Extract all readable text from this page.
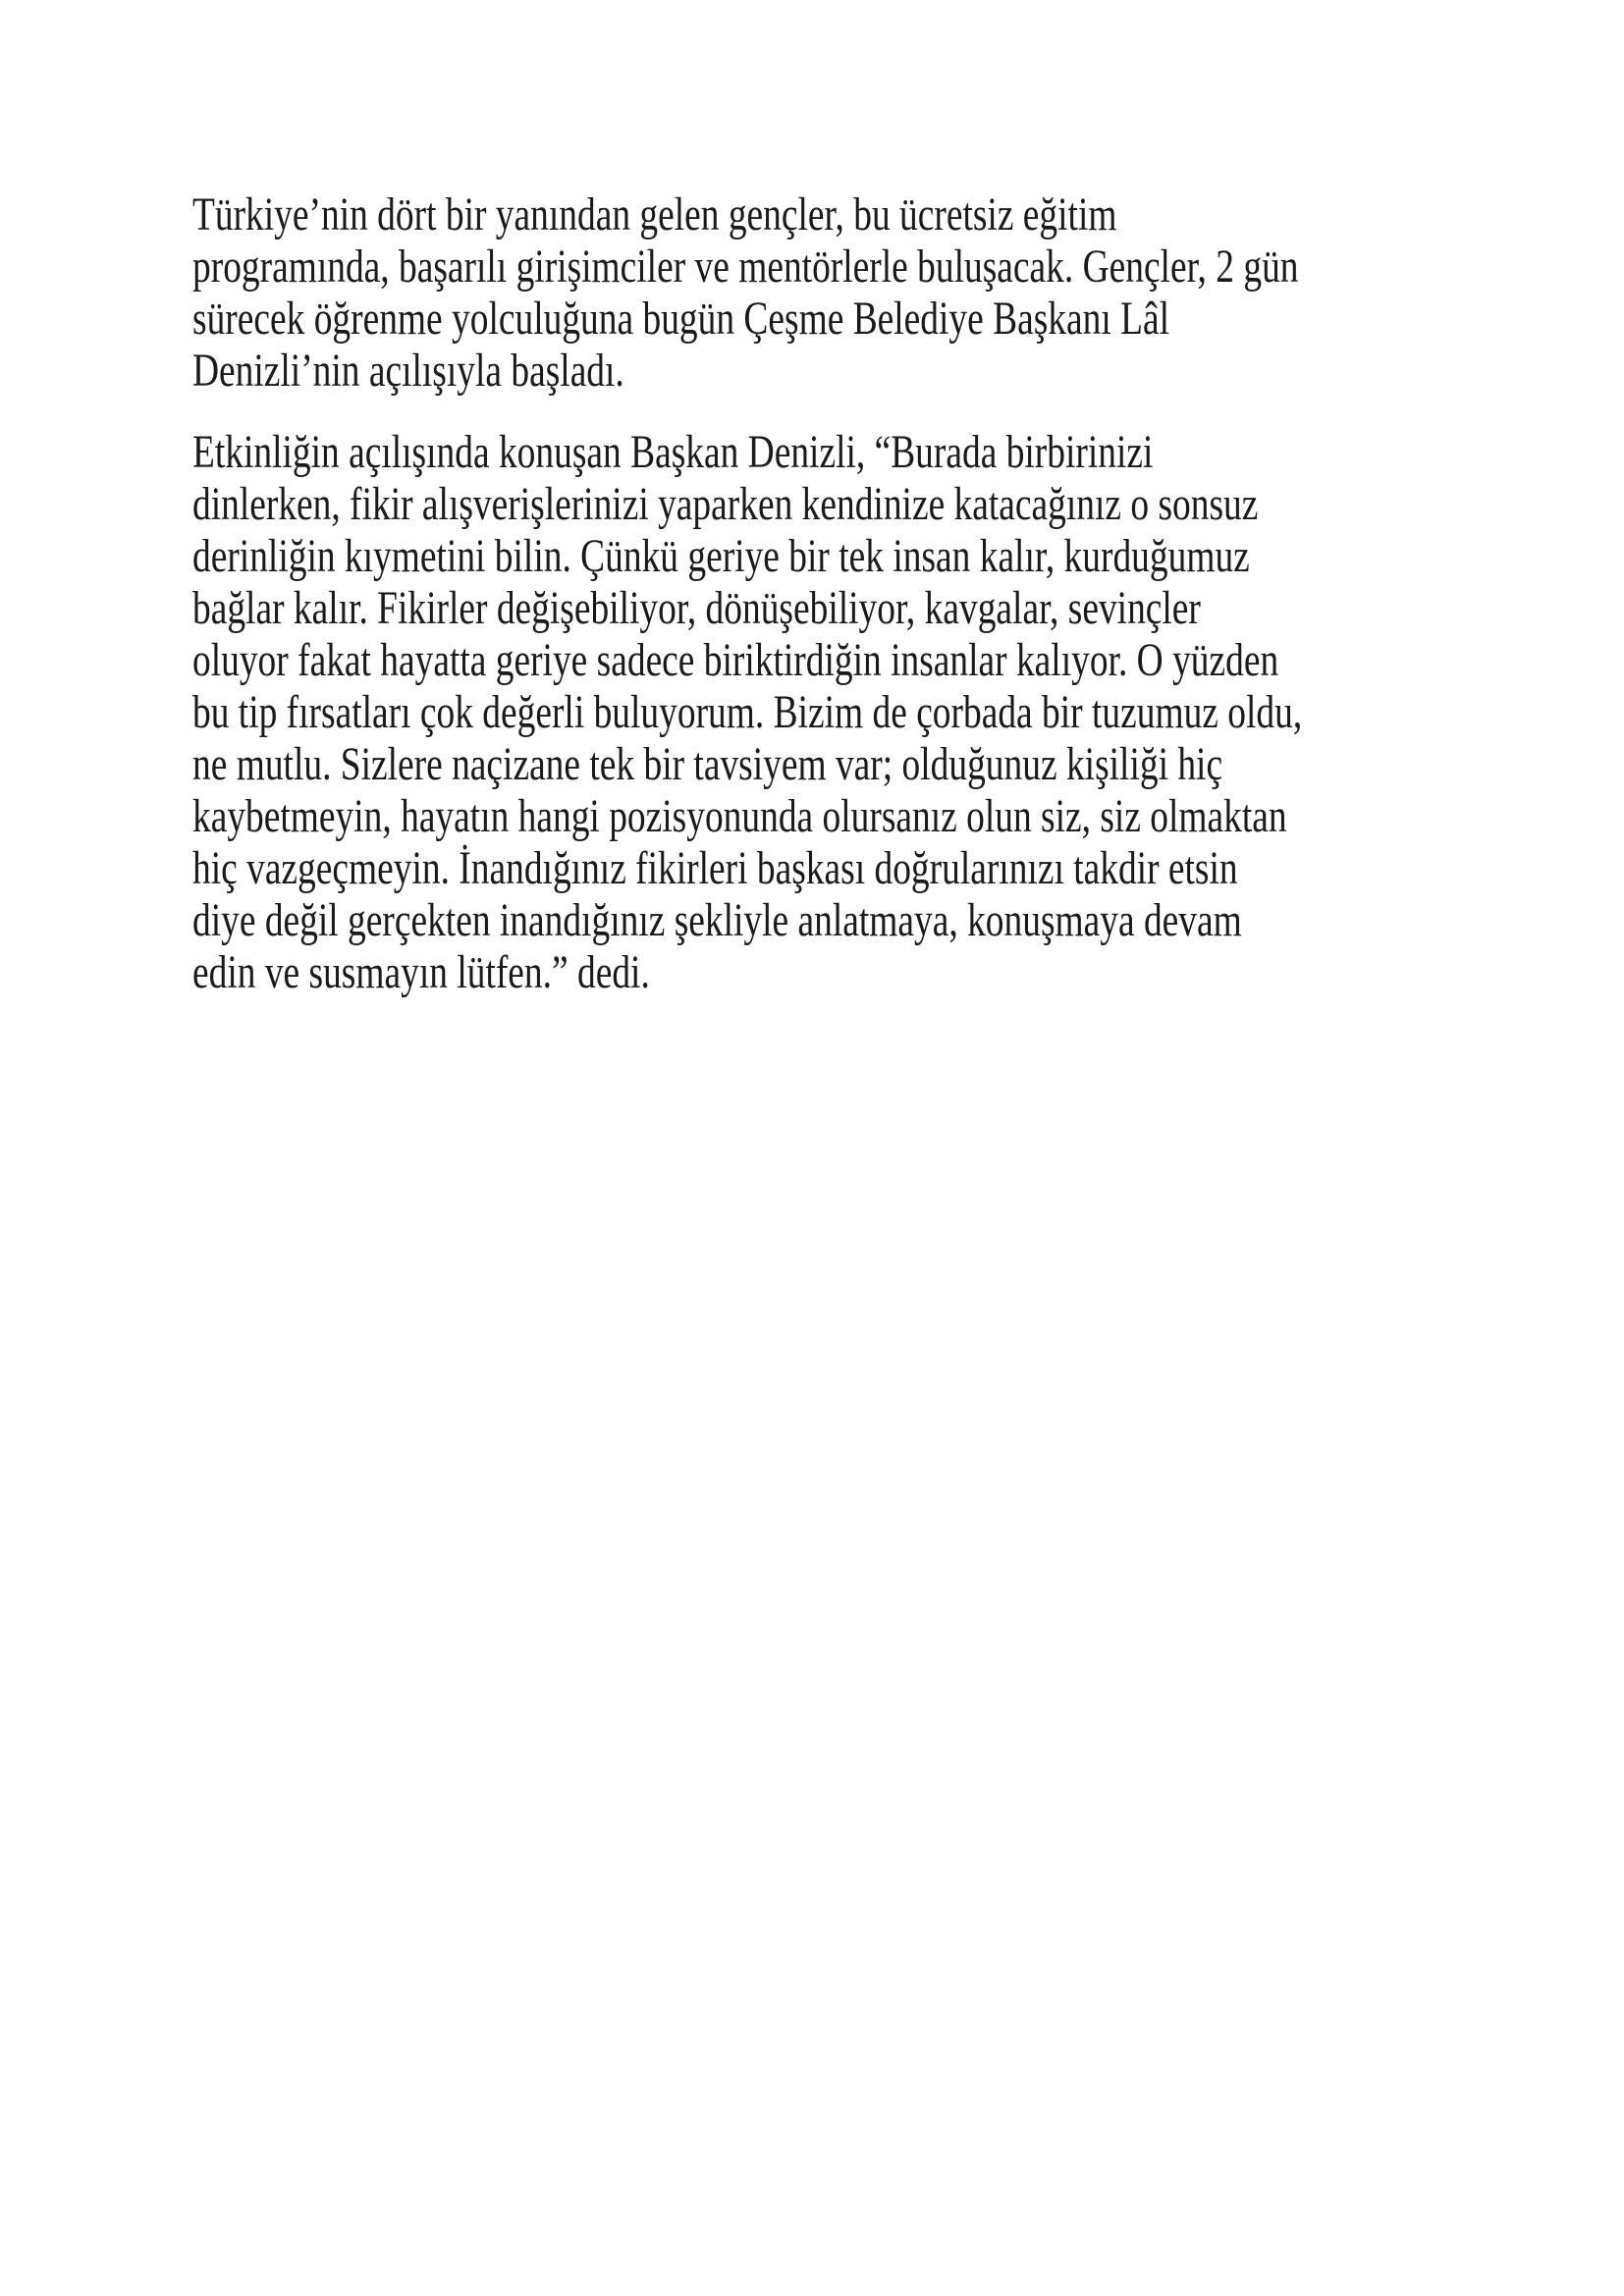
Türkiye’nin dört bir yanından gelen gençler, bu ücretsiz eğitim
programında, başarılı girişimciler ve mentörlerle buluşacak. Gençler, 2 gün
sürecek öğrenme yolculuğuna bugün Çeşme Belediye Başkanı Lâl
Denizli’nin açılışıyla başladı.
Etkinliğin açılışında konuşan Başkan Denizli, “Burada birbirinizi
dinlerken, fikir alışverişlerinizi yaparken kendinize katacağınız o sonsuz
derinliğin kıymetini bilin. Çünkü geriye bir tek insan kalır, kurduğumuz
bağlar kalır. Fikirler değişebiliyor, dönüşebiliyor, kavgalar, sevinçler
oluyor fakat hayatta geriye sadece biriktirdiğin insanlar kalıyor. O yüzden
bu tip fırsatları çok değerli buluyorum. Bizim de çorbada bir tuzumuz oldu,
ne mutlu. Sizlere naçizane tek bir tavsiyem var; olduğunuz kişiliği hiç
kaybetmeyin, hayatın hangi pozisyonunda olursanız olun siz, siz olmaktan
hiç vazgeçmeyin. İnandığınız fikirleri başkası doğrularınızı takdir etsin
diye değil gerçekten inandığınız şekliyle anlatmaya, konuşmaya devam
edin ve susmayın lütfen.” dedi.
